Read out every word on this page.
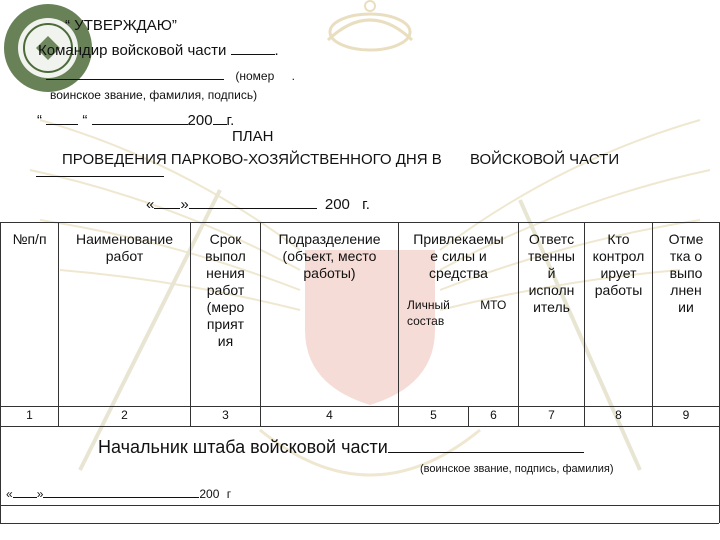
“ УТВЕРЖДАЮ”
Командир войсковой части	.
(номер .
воинское звание, фамилия, подпись)
“	“	200 г.
ПЛАН
ПРОВЕДЕНИЯ ПАРКОВО-ХОЗЯЙСТВЕННОГО ДНЯ В ВОЙСКОВОЙ ЧАСТИ
« »	200 г.
№п/п	Наименование работ	Срок выпол нения работ (меро прият ия	Подразделение (объект, место работы)	Привлекаемы е силы и средства		Ответс твенны й исполн итель	Кто контрол ирует работы	Отме тка о выпо лнен ии
				Личный состав	МТО			
1	2	3	4	5	6	7	8	9
Начальник штаба войсковой части
(воинское звание, подпись, фамилия)
« »	200 г
